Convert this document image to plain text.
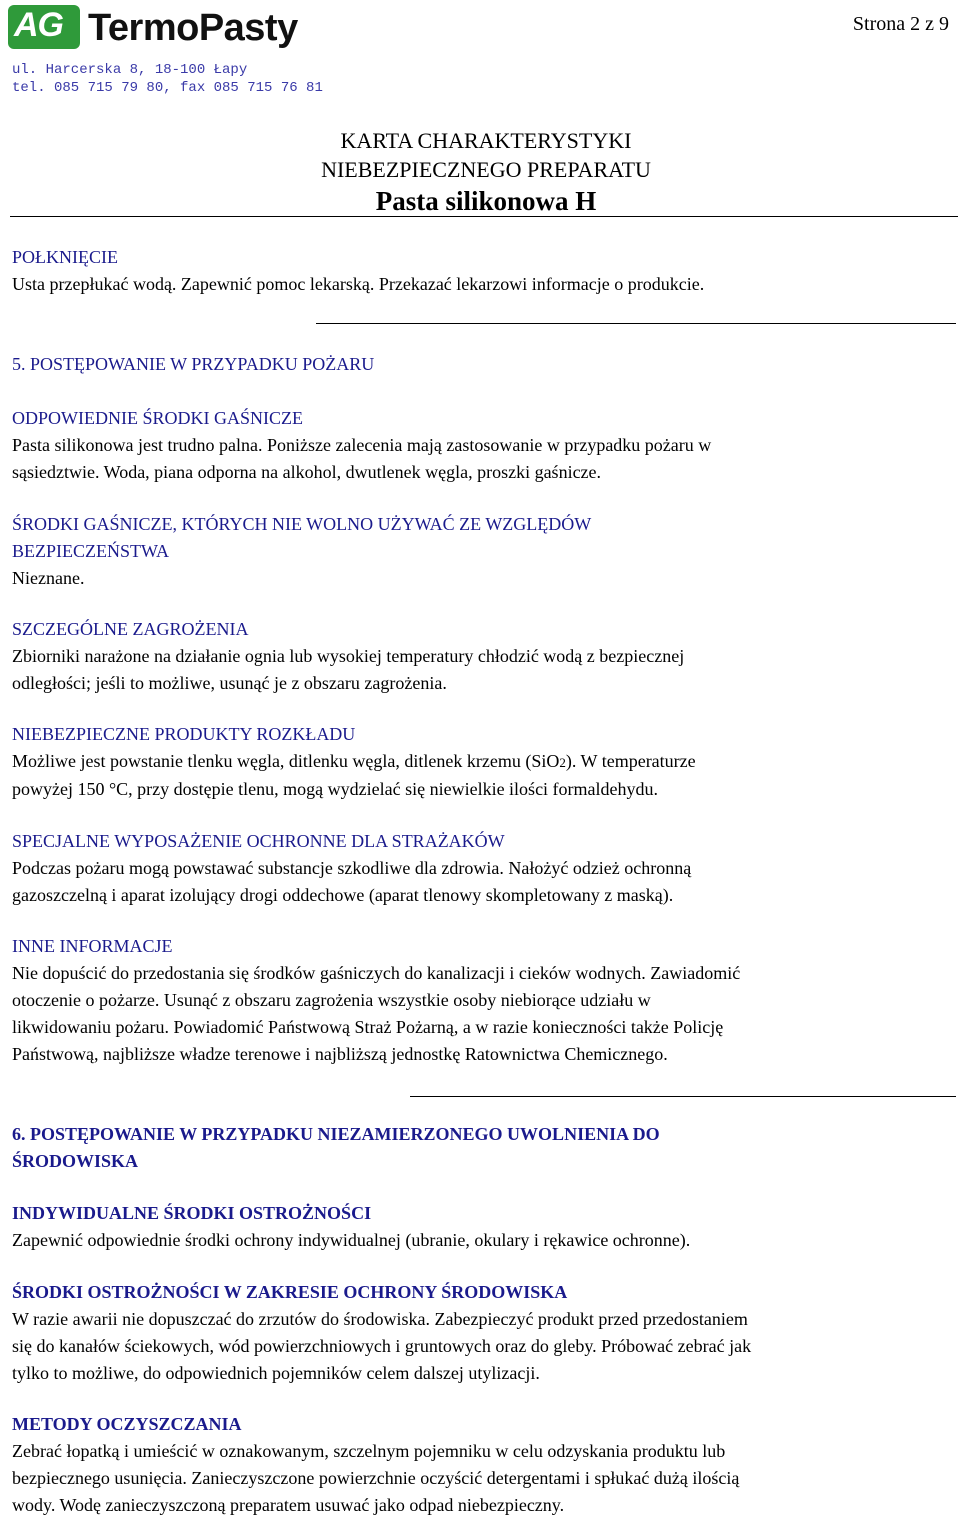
AG TermoPasty
ul. Harcerska 8, 18-100 Łapy
tel. 085 715 79 80, fax 085 715 76 81
Strona 2 z 9
KARTA CHARAKTERYSTYKI
NIEBEZPIECZNEGO PREPARATU
Pasta silikonowa H

POŁKNIĘCIE

Usta przepłukać wodą. Zapewnić pomoc lekarską. Przekazać lekarzowi informacje o produkcie.

5. POSTĘPOWANIE W PRZYPADKU POŻARU

ODPOWIEDNIE ŚRODKI GAŚNICZE

Pasta silikonowa jest trudno palna. Poniższe zalecenia mają zastosowanie w przypadku pożaru w

sąsiedztwie. Woda, piana odporna na alkohol, dwutlenek węgla, proszki gaśnicze.

ŚRODKI GAŚNICZE, KTÓRYCH NIE WOLNO UŻYWAĆ ZE WZGLĘDÓW

BEZPIECZEŃSTWA

Nieznane.

SZCZEGÓLNE ZAGROŻENIA

Zbiorniki narażone na działanie ognia lub wysokiej temperatury chłodzić wodą z bezpiecznej

odległości; jeśli to możliwe, usunąć je z obszaru zagrożenia.

NIEBEZPIECZNE PRODUKTY ROZKŁADU

Możliwe jest powstanie tlenku węgla, ditlenku węgla, ditlenek krzemu (SiO2). W temperaturze

powyżej 150 °C, przy dostępie tlenu, mogą wydzielać się niewielkie ilości formaldehydu.

SPECJALNE WYPOSAŻENIE OCHRONNE DLA STRAŻAKÓW

Podczas pożaru mogą powstawać substancje szkodliwe dla zdrowia. Nałożyć odzież ochronną

gazoszczelną i aparat izolujący drogi oddechowe (aparat tlenowy skompletowany z maską).

INNE INFORMACJE

Nie dopuścić do przedostania się środków gaśniczych do kanalizacji i cieków wodnych. Zawiadomić

otoczenie o pożarze. Usunąć z obszaru zagrożenia wszystkie osoby niebiorące udziału w

likwidowaniu pożaru. Powiadomić Państwową Straż Pożarną, a w razie konieczności także Policję

Państwową, najbliższe władze terenowe i najbliższą jednostkę Ratownictwa Chemicznego.

6. POSTĘPOWANIE W PRZYPADKU NIEZAMIERZONEGO UWOLNIENIA DO

ŚRODOWISKA

INDYWIDUALNE ŚRODKI OSTROŻNOŚCI

Zapewnić odpowiednie środki ochrony indywidualnej (ubranie, okulary i rękawice ochronne).

ŚRODKI OSTROŻNOŚCI W ZAKRESIE OCHRONY ŚRODOWISKA

W razie awarii nie dopuszczać do zrzutów do środowiska. Zabezpieczyć produkt przed przedostaniem

się do kanałów ściekowych, wód powierzchniowych i gruntowych oraz do gleby. Próbować zebrać jak

tylko to możliwe, do odpowiednich pojemników celem dalszej utylizacji.

METODY OCZYSZCZANIA

Zebrać łopatką i umieścić w oznakowanym, szczelnym pojemniku w celu odzyskania produktu lub

bezpiecznego usunięcia. Zanieczyszczone powierzchnie oczyścić detergentami i spłukać dużą ilością

wody. Wodę zanieczyszczoną preparatem usuwać jako odpad niebezpieczny.
